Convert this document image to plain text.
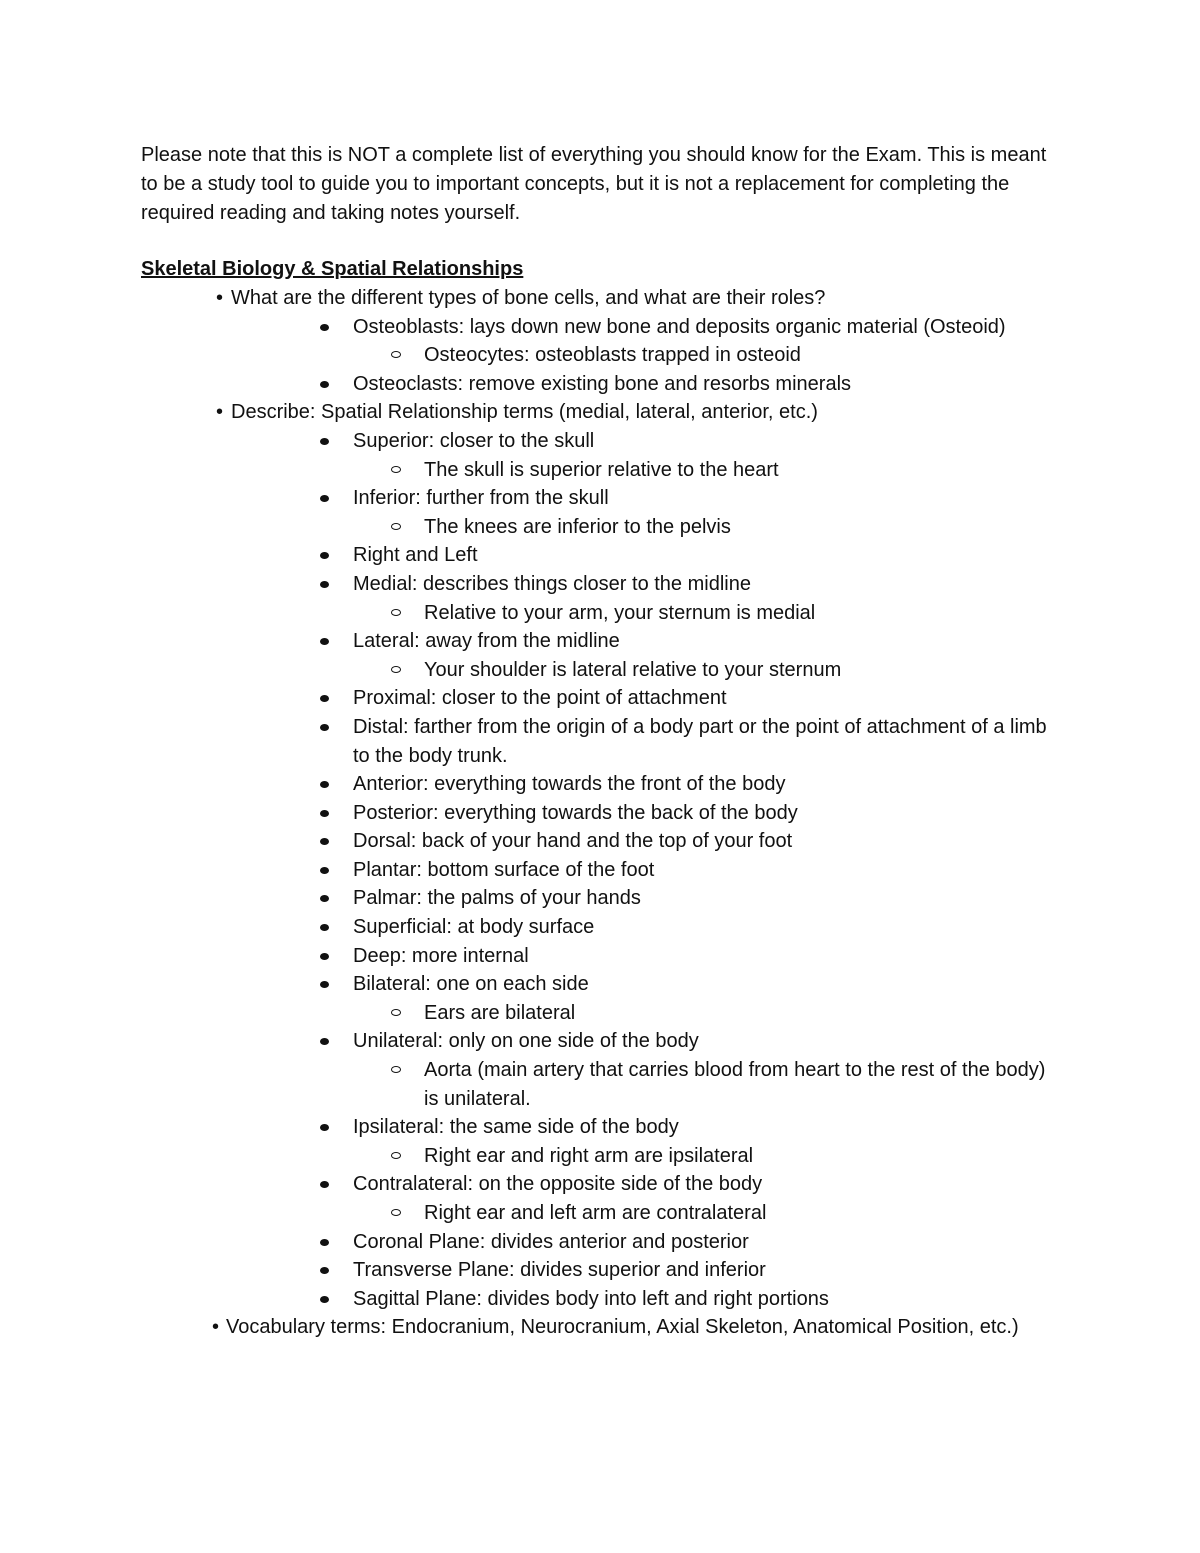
Please note that this is NOT a complete list of everything you should know for the Exam. This is meant to be a study tool to guide you to important concepts, but it is not a replacement for completing the required reading and taking notes yourself.

Skeletal Biology & Spatial Relationships
• What are the different types of bone cells, and what are their roles?
Osteoblasts: lays down new bone and deposits organic material (Osteoid)
Osteocytes: osteoblasts trapped in osteoid
Osteoclasts: remove existing bone and resorbs minerals
• Describe: Spatial Relationship terms (medial, lateral, anterior, etc.)
Superior: closer to the skull
The skull is superior relative to the heart
Inferior: further from the skull
The knees are inferior to the pelvis
Right and Left
Medial: describes things closer to the midline
Relative to your arm, your sternum is medial
Lateral: away from the midline
Your shoulder is lateral relative to your sternum
Proximal: closer to the point of attachment
Distal: farther from the origin of a body part or the point of attachment of a limb to the body trunk.
Anterior: everything towards the front of the body
Posterior: everything towards the back of the body
Dorsal: back of your hand and the top of your foot
Plantar: bottom surface of the foot
Palmar: the palms of your hands
Superficial: at body surface
Deep: more internal
Bilateral: one on each side
Ears are bilateral
Unilateral: only on one side of the body
Aorta (main artery that carries blood from heart to the rest of the body) is unilateral.
Ipsilateral: the same side of the body
Right ear and right arm are ipsilateral
Contralateral: on the opposite side of the body
Right ear and left arm are contralateral
Coronal Plane: divides anterior and posterior
Transverse Plane: divides superior and inferior
Sagittal Plane: divides body into left and right portions
• Vocabulary terms: Endocranium, Neurocranium, Axial Skeleton, Anatomical Position, etc.)
